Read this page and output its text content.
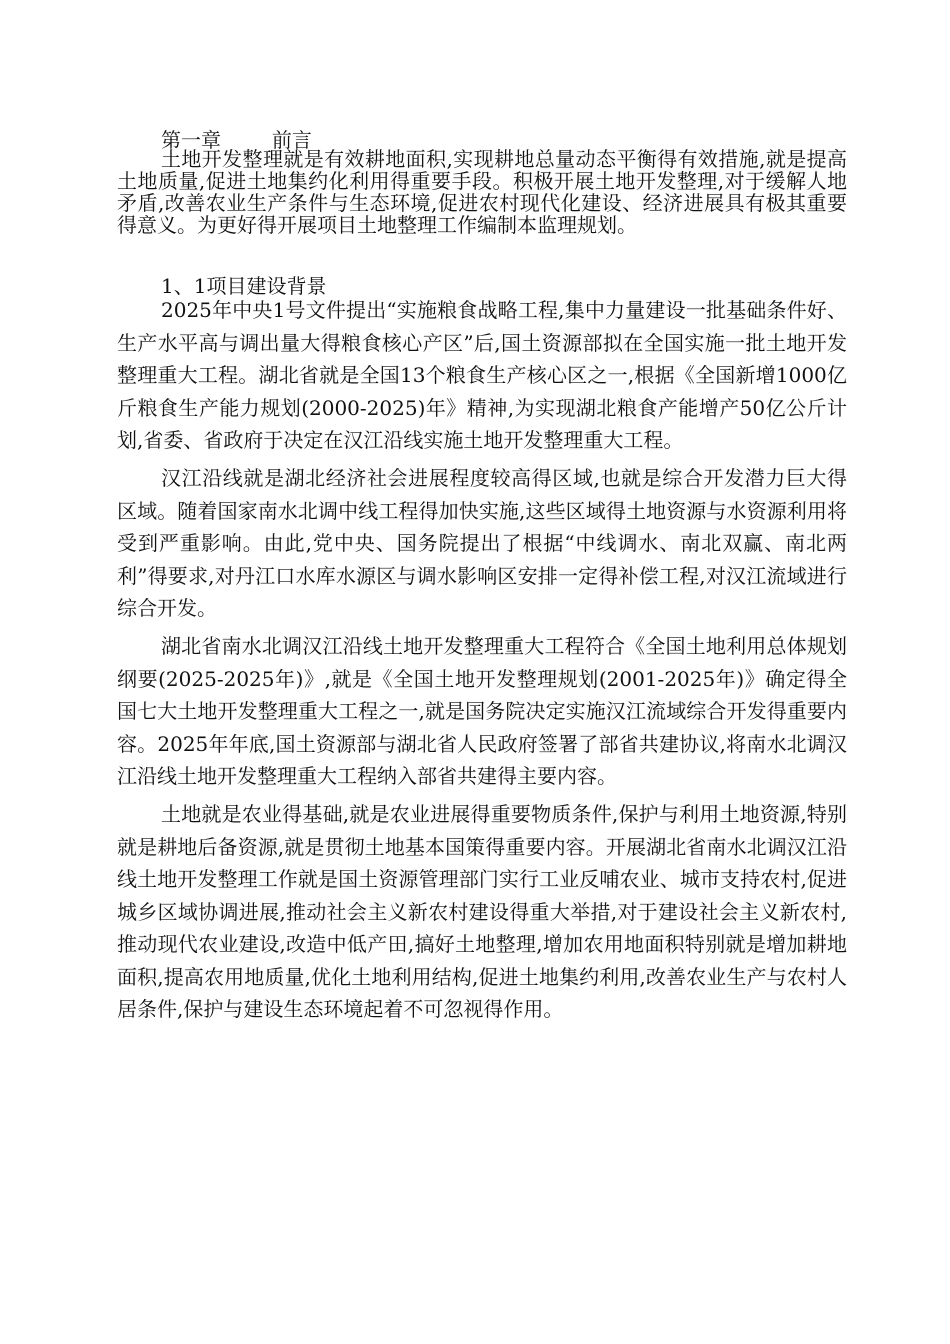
第一章	前言

土地开发整理就是有效耕地面积,实现耕地总量动态平衡得有效措施,就是提高土地质量,促进土地集约化利用得重要手段。积极开展土地开发整理,对于缓解人地矛盾,改善农业生产条件与生态环境,促进农村现代化建设、经济进展具有极其重要得意义。为更好得开展项目土地整理工作编制本监理规划。

1、1项目建设背景

2025年中央1号文件提出“实施粮食战略工程,集中力量建设一批基础条件好、生产水平高与调出量大得粮食核心产区”后,国土资源部拟在全国实施一批土地开发整理重大工程。湖北省就是全国13个粮食生产核心区之一,根据《全国新增1000亿斤粮食生产能力规划(2000-2025)年》精神,为实现湖北粮食产能增产50亿公斤计划,省委、省政府于决定在汉江沿线实施土地开发整理重大工程。

汉江沿线就是湖北经济社会进展程度较高得区域,也就是综合开发潜力巨大得区域。随着国家南水北调中线工程得加快实施,这些区域得土地资源与水资源利用将受到严重影响。由此,党中央、国务院提出了根据“中线调水、南北双赢、南北两利”得要求,对丹江口水库水源区与调水影响区安排一定得补偿工程,对汉江流域进行综合开发。

湖北省南水北调汉江沿线土地开发整理重大工程符合《全国土地利用总体规划纲要(2025-2025年)》,就是《全国土地开发整理规划(2001-2025年)》确定得全国七大土地开发整理重大工程之一,就是国务院决定实施汉江流域综合开发得重要内容。2025年年底,国土资源部与湖北省人民政府签署了部省共建协议,将南水北调汉江沿线土地开发整理重大工程纳入部省共建得主要内容。

土地就是农业得基础,就是农业进展得重要物质条件,保护与利用土地资源,特别就是耕地后备资源,就是贯彻土地基本国策得重要内容。开展湖北省南水北调汉江沿线土地开发整理工作就是国土资源管理部门实行工业反哺农业、城市支持农村,促进城乡区域协调进展,推动社会主义新农村建设得重大举措,对于建设社会主义新农村,推动现代农业建设,改造中低产田,搞好土地整理,增加农用地面积特别就是增加耕地面积,提高农用地质量,优化土地利用结构,促进土地集约利用,改善农业生产与农村人居条件,保护与建设生态环境起着不可忽视得作用。
